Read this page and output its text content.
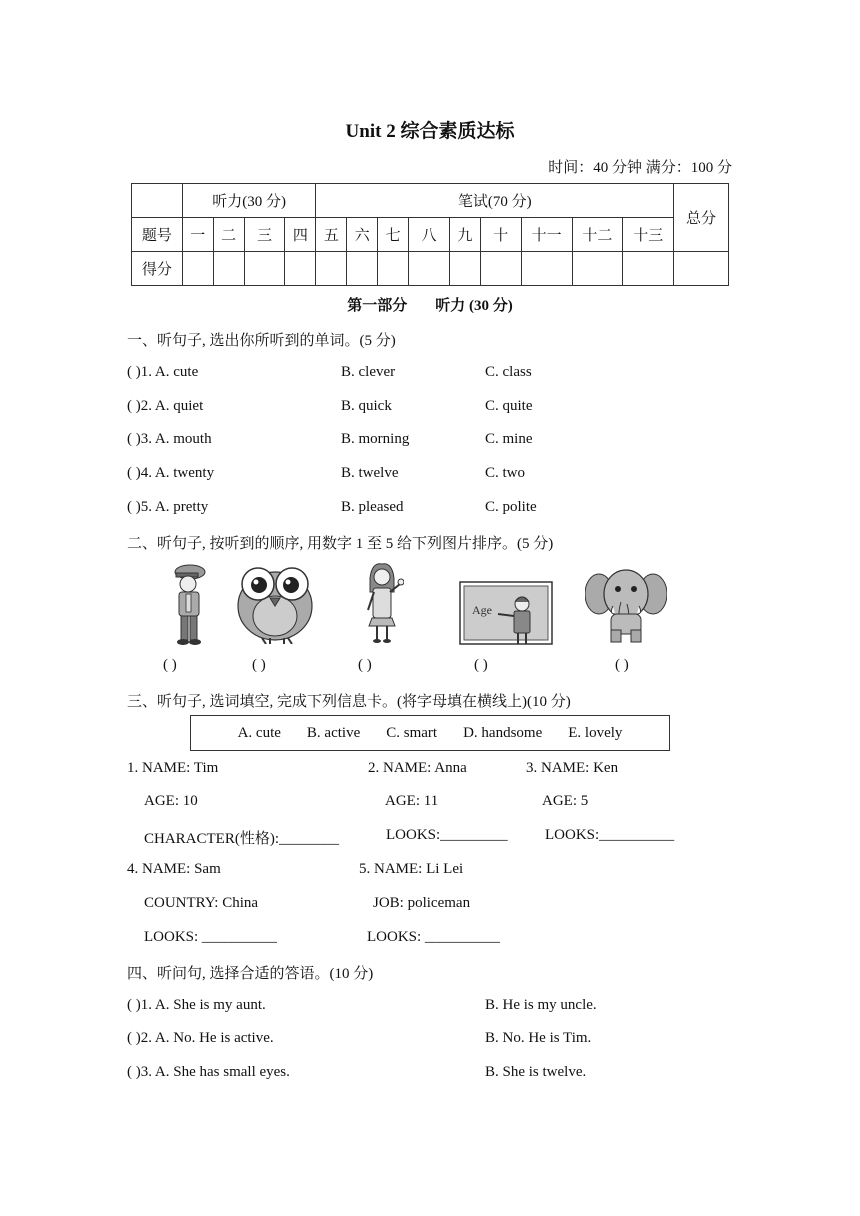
Unit 2 综合素质达标
时间：40 分钟 满分：100 分
	听力(30 分)				笔试(70 分)									总分
题号	一	二	三	四	五	六	七	八	九	十	十一	十二	十三	
得分														
第一部分 听力 (30 分)
一、听句子, 选出你所听到的单词。(5 分)
( )1. A. cute	B. clever	C. class
( )2. A. quiet	B. quick	C. quite
( )3. A. mouth	B. morning	C. mine
( )4. A. twenty	B. twelve	C. two
( )5. A. pretty	B. pleased	C. polite
二、听句子, 按听到的顺序, 用数字 1 至 5 给下列图片排序。(5 分)
Age
( )	( )	( )	( )	( )
三、听句子, 选词填空, 完成下列信息卡。(将字母填在横线上)(10 分)
A. cute B. active C. smart D. handsome E. lovely
1. NAME: Tim
AGE: 10
CHARACTER(性格):________
2. NAME: Anna
AGE: 11
LOOKS:_________
3. NAME: Ken
AGE: 5
LOOKS:__________
4. NAME: Sam
COUNTRY: China
LOOKS: __________
5. NAME: Li Lei
JOB: policeman
LOOKS: __________
四、听问句, 选择合适的答语。(10 分)
( )1. A. She is my aunt.	B. He is my uncle.
( )2. A. No. He is active.	B. No. He is Tim.
( )3. A. She has small eyes.	B. She is twelve.
